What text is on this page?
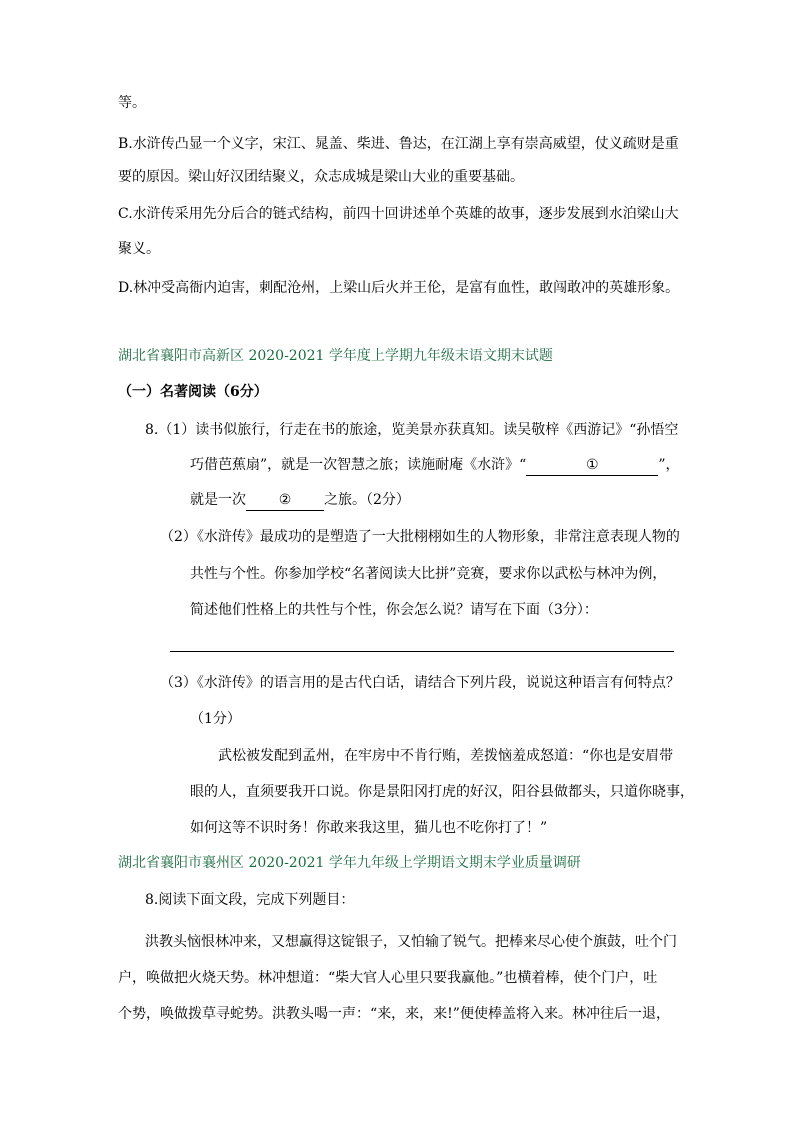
等。
B.水浒传凸显一个义字，宋江、晁盖、柴进、鲁达，在江湖上享有崇高威望，仗义疏财是重
要的原因。梁山好汉团结聚义，众志成城是梁山大业的重要基础。
C.水浒传采用先分后合的链式结构，前四十回讲述单个英雄的故事，逐步发展到水泊梁山大
聚义。
D.林冲受高衙内迫害，刺配沧州，上梁山后火并王伦，是富有血性，敢闯敢冲的英雄形象。
湖北省襄阳市高新区 2020-2021 学年度上学期九年级末语文期末试题
（一）名著阅读（6分）
8.（1）读书似旅行，行走在书的旅途，览美景亦获真知。读吴敬梓《西游记》“孙悟空
巧借芭蕉扇”，就是一次智慧之旅；读施耐庵《水浒》“	①	”，
就是一次 ② 之旅。（2分）
（2）《水浒传》最成功的是塑造了一大批栩栩如生的人物形象，非常注意表现人物的
共性与个性。你参加学校“名著阅读大比拼”竞赛，要求你以武松与林冲为例，
简述他们性格上的共性与个性，你会怎么说？请写在下面（3分）：
（3）《水浒传》的语言用的是古代白话，请结合下列片段，说说这种语言有何特点？
（1分）
武松被发配到孟州，在牢房中不肯行贿，差拨恼羞成怒道：“你也是安眉带
眼的人，直须要我开口说。你是景阳冈打虎的好汉，阳谷县做都头，只道你晓事，
如何这等不识时务！你敢来我这里，猫儿也不吃你打了！”
湖北省襄阳市襄州区 2020-2021 学年九年级上学期语文期末学业质量调研
8.阅读下面文段，完成下列题目：
洪教头恼恨林冲来，又想赢得这锭银子，又怕输了锐气。把棒来尽心使个旗鼓，吐个门
户，唤做把火烧天势。林冲想道：“柴大官人心里只要我赢他。”也横着棒，使个门户，吐
个势，唤做拨草寻蛇势。洪教头喝一声：“来，来，来!”便使棒盖将入来。林冲往后一退，
